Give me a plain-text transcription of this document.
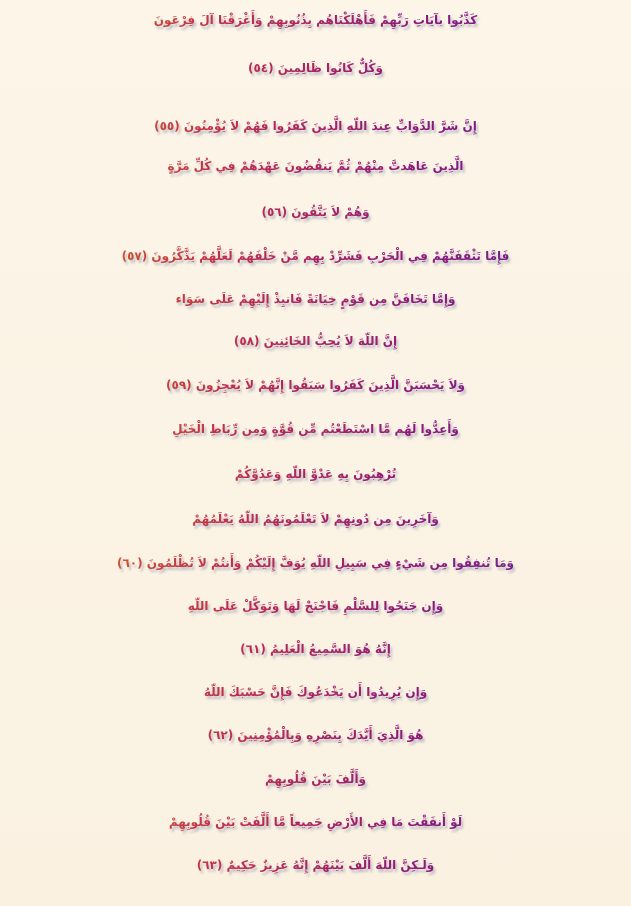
كَذَّبُوا بآيَاتِ رَبِّهِمْ فَأَهْلَكْنَاهُم بِذُنُوبِهِمْ وَأَغْرَقْنَا آلَ فِرْعَونَ
وَكُلٌّ كَانُوا ظَالِمِينَ (٥٤)
إِنَّ شَرَّ الدَّوَابِّ عِندَ اللّهِ الَّذِينَ كَفَرُوا فَهُمْ لاَ يُؤْمِنُونَ (٥٥)
الَّذِينَ عَاهَدتَّ مِنْهُمْ ثُمَّ يَنقُضُونَ عَهْدَهُمْ فِي كُلِّ مَرَّةٍ
وَهُمْ لاَ يَتَّقُونَ (٥٦)
فَإِمَّا تَثْقَفَنَّهُمْ فِي الْحَرْبِ فَشَرِّدْ بِهِم مَّنْ خَلْفَهُمْ لَعَلَّهُمْ يَذَّكَّرُونَ (٥٧)
وَإِمَّا تَخَافَنَّ مِن قَوْمٍ خِيَانَةً فَانبِذْ إِلَيْهِمْ عَلَى سَوَاء
إِنَّ اللّهَ لاَ يُحِبُّ الخَائِنِينَ (٥٨)
وَلاَ يَحْسَبَنَّ الَّذِينَ كَفَرُوا سَبَقُوا إِنَّهُمْ لاَ يُعْجِزُونَ (٥٩)
وَأَعِدُّوا لَهُم مَّا اسْتَطَعْتُم مِّن قُوَّةٍ وَمِن رِّبَاطِ الْخَيْلِ
تُرْهِبُونَ بِهِ عَدْوَّ اللّهِ وَعَدُوَّكُمْ
وَآخَرِينَ مِن دُونِهِمْ لاَ تَعْلَمُونَهُمُ اللّهُ يَعْلَمُهُمْ
وَمَا تُنفِقُوا مِن شَيْءٍ فِي سَبِيلِ اللّهِ يُوَفَّ إِلَيْكُمْ وَأَنتُمْ لاَ تُظْلَمُونَ (٦٠)
وَإِن جَنَحُوا لِلسَّلْمِ فَاجْنَحْ لَهَا وَتَوَكَّلْ عَلَى اللّهِ
إِنَّهُ هُوَ السَّمِيعُ الْعَلِيمُ (٦١)
وَإِن يُرِيدُوا أَن يَخْدَعُوكَ فَإِنَّ حَسْبَكَ اللّهُ
هُوَ الَّذِيَ أَيَّدَكَ بِنَصْرِهِ وَبِالْمُؤْمِنِينَ (٦٢)
وَأَلَّفَ بَيْنَ قُلُوبِهِمْ
لَوْ أَنفَقْتَ مَا فِي الأَرْضِ جَمِيعاً مَّا أَلَّفَتْ بَيْنَ قُلُوبِهِمْ
وَلَـكِنَّ اللّهَ أَلَّفَ بَيْنَهُمْ إِنَّهُ عَزِيزٌ حَكِيمٌ (٦٣)
